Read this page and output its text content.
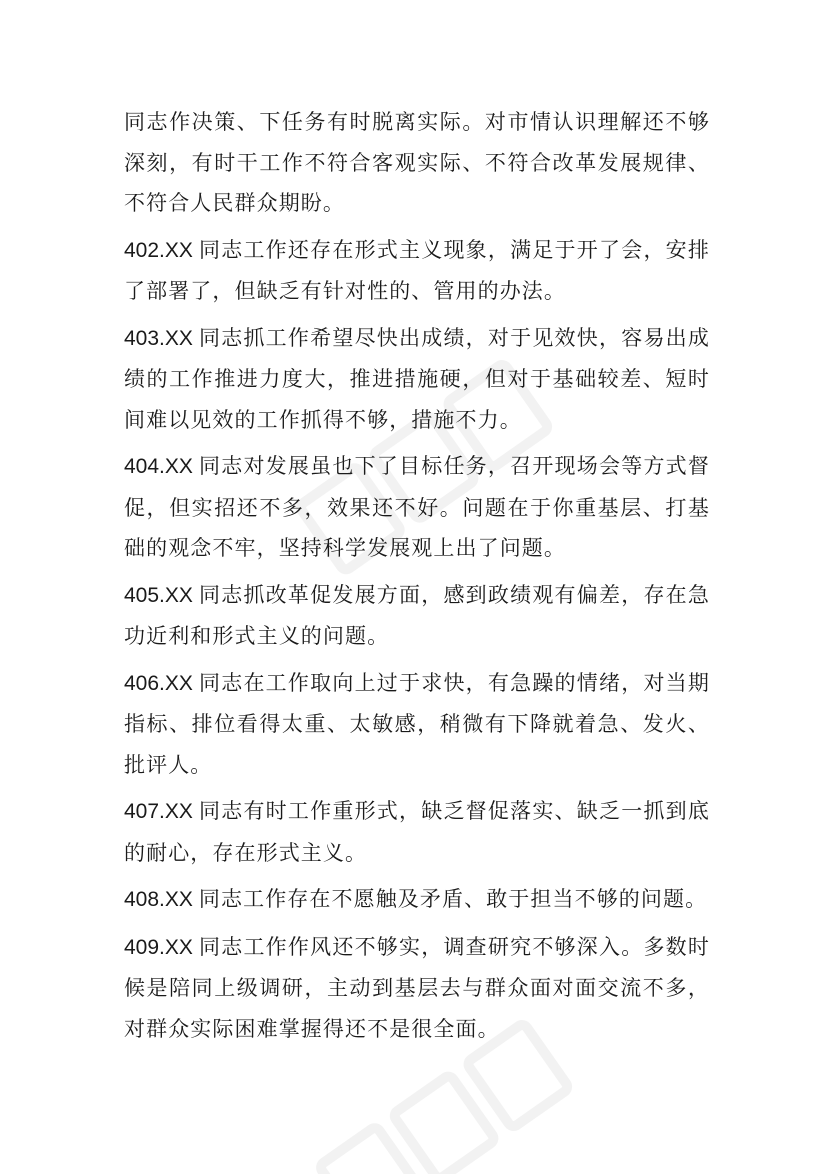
同志作决策、下任务有时脱离实际。对市情认识理解还不够深刻，有时干工作不符合客观实际、不符合改革发展规律、不符合人民群众期盼。

402.XX 同志工作还存在形式主义现象，满足于开了会，安排了部署了，但缺乏有针对性的、管用的办法。

403.XX 同志抓工作希望尽快出成绩，对于见效快，容易出成绩的工作推进力度大，推进措施硬，但对于基础较差、短时间难以见效的工作抓得不够，措施不力。

404.XX 同志对发展虽也下了目标任务，召开现场会等方式督促，但实招还不多，效果还不好。问题在于你重基层、打基础的观念不牢，坚持科学发展观上出了问题。

405.XX 同志抓改革促发展方面，感到政绩观有偏差，存在急功近利和形式主义的问题。

406.XX 同志在工作取向上过于求快，有急躁的情绪，对当期指标、排位看得太重、太敏感，稍微有下降就着急、发火、批评人。

407.XX 同志有时工作重形式，缺乏督促落实、缺乏一抓到底的耐心，存在形式主义。

408.XX 同志工作存在不愿触及矛盾、敢于担当不够的问题。

409.XX 同志工作作风还不够实，调查研究不够深入。多数时候是陪同上级调研，主动到基层去与群众面对面交流不多，对群众实际困难掌握得还不是很全面。
